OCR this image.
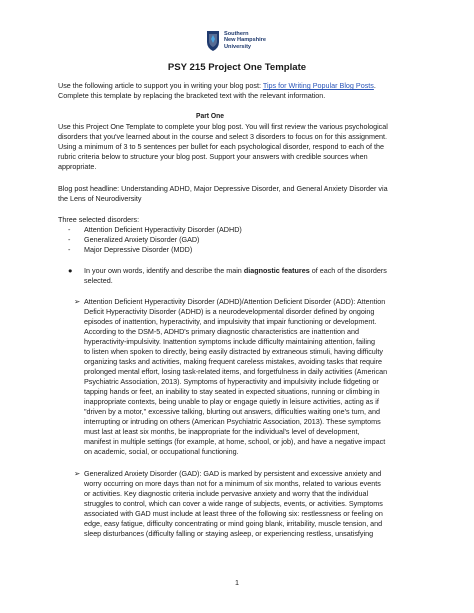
Southern
New Hampshire
University
PSY 215 Project One Template
Use the following article to support you in writing your blog post: Tips for Writing Popular Blog Posts.
Complete this template by replacing the bracketed text with the relevant information.
Part One
Use this Project One Template to complete your blog post. You will first review the various psychological
disorders that you've learned about in the course and select 3 disorders to focus on for this assignment.
Using a minimum of 3 to 5 sentences per bullet for each psychological disorder, respond to each of the
rubric criteria below to structure your blog post. Support your answers with credible sources when
appropriate.
Blog post headline: Understanding ADHD, Major Depressive Disorder, and General Anxiety Disorder via
the Lens of Neurodiversity
Three selected disorders:
- Attention Deficient Hyperactivity Disorder (ADHD)
- Generalized Anxiety Disorder (GAD)
- Major Depressive Disorder (MDD)
● In your own words, identify and describe the main diagnostic features of each of the disorders
selected.
➢ Attention Deficient Hyperactivity Disorder (ADHD)/Attention Deficient Disorder (ADD): Attention
Deficit Hyperactivity Disorder (ADHD) is a neurodevelopmental disorder defined by ongoing
episodes of inattention, hyperactivity, and impulsivity that impair functioning or development.
According to the DSM-5, ADHD's primary diagnostic characteristics are inattention and
hyperactivity-impulsivity. Inattention symptoms include difficulty maintaining attention, failing
to listen when spoken to directly, being easily distracted by extraneous stimuli, having difficulty
organizing tasks and activities, making frequent careless mistakes, avoiding tasks that require
prolonged mental effort, losing task-related items, and forgetfulness in daily activities (American
Psychiatric Association, 2013). Symptoms of hyperactivity and impulsivity include fidgeting or
tapping hands or feet, an inability to stay seated in expected situations, running or climbing in
inappropriate contexts, being unable to play or engage quietly in leisure activities, acting as if
"driven by a motor," excessive talking, blurting out answers, difficulties waiting one's turn, and
interrupting or intruding on others (American Psychiatric Association, 2013). These symptoms
must last at least six months, be inappropriate for the individual's level of development,
manifest in multiple settings (for example, at home, school, or job), and have a negative impact
on academic, social, or occupational functioning.
➢ Generalized Anxiety Disorder (GAD): GAD is marked by persistent and excessive anxiety and
worry occurring on more days than not for a minimum of six months, related to various events
or activities. Key diagnostic criteria include pervasive anxiety and worry that the individual
struggles to control, which can cover a wide range of subjects, events, or activities. Symptoms
associated with GAD must include at least three of the following six: restlessness or feeling on
edge, easy fatigue, difficulty concentrating or mind going blank, irritability, muscle tension, and
sleep disturbances (difficulty falling or staying asleep, or experiencing restless, unsatisfying
1
